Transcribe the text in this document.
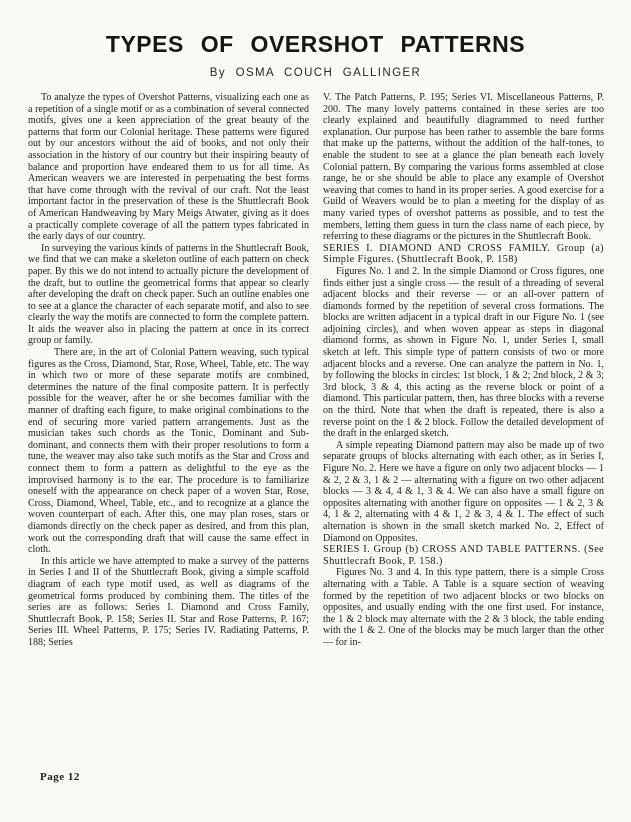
TYPES OF OVERSHOT PATTERNS
By OSMA COUCH GALLINGER

To analyze the types of Overshot Patterns, visualizing each one as a repetition of a single motif or as a combination of several connected motifs, gives one a keen appreciation of the great beauty of the patterns that form our Colonial heritage. These patterns were figured out by our ancestors without the aid of books, and not only their association in the history of our country but their inspiring beauty of balance and proportion have endeared them to us for all time. As American weavers we are interested in perpetuating the best forms that have come through with the revival of our craft. Not the least important factor in the preservation of these is the Shuttlecraft Book of American Handweaving by Mary Meigs Atwater, giving as it does a practically complete coverage of all the pattern types fabricated in the early days of our country.

In surveying the various kinds of patterns in the Shuttlecraft Book, we find that we can make a skeleton outline of each pattern on check paper. By this we do not intend to actually picture the development of the draft, but to outline the geometrical forms that appear so clearly after developing the draft on check paper. Such an outline enables one to see at a glance the character of each separate motif, and also to see clearly the way the motifs are connected to form the complete pattern. It aids the weaver also in placing the pattern at once in its correct group or family.

There are, in the art of Colonial Pattern weaving, such typical figures as the Cross, Diamond, Star, Rose, Wheel, Table, etc. The way in which two or more of these separate motifs are combined, determines the nature of the final composite pattern. It is perfectly possible for the weaver, after he or she becomes familiar with the manner of drafting each figure, to make original combinations to the end of securing more varied pattern arrangements. Just as the musician takes such chords as the Tonic, Dominant and Sub-dominant, and connects them with their proper resolutions to form a tune, the weaver may also take such motifs as the Star and Cross and connect them to form a pattern as delightful to the eye as the improvised harmony is to the ear. The procedure is to familiarize oneself with the appearance on check paper of a woven Star, Rose, Cross, Diamond, Wheel, Table, etc., and to recognize at a glance the woven counterpart of each. After this, one may plan roses, stars or diamonds directly on the check paper as desired, and from this plan, work out the corresponding draft that will cause the same effect in cloth.

In this article we have attempted to make a survey of the patterns in Series I and II of the Shuttlecraft Book, giving a simple scaffold diagram of each type motif used, as well as diagrams of the geometrical forms produced by combining them. The titles of the series are as follows: Series I. Diamond and Cross Family, Shuttlecraft Book, P. 158; Series II. Star and Rose Patterns, P. 167; Series III. Wheel Patterns, P. 175; Series IV. Radiating Patterns, P. 188; Series

V. The Patch Patterns, P. 195; Series VI. Miscellaneous Patterns, P. 200. The many lovely patterns contained in these series are too clearly explained and beautifully diagrammed to need further explanation. Our purpose has been rather to assemble the bare forms that make up the patterns, without the addition of the half-tones, to enable the student to see at a glance the plan beneath each lovely Colonial pattern. By comparing the various forms assembled at close range, he or she should be able to place any example of Overshot weaving that comes to hand in its proper series. A good exercise for a Guild of Weavers would be to plan a meeting for the display of as many varied types of overshot patterns as possible, and to test the members, letting them guess in turn the class name of each piece, by referring to these diagrams or the pictures in the Shuttlecraft Book.

SERIES I. DIAMOND AND CROSS FAMILY. Group (a) Simple Figures. (Shuttlecraft Book, P. 158)

Figures No. 1 and 2. In the simple Diamond or Cross figures, one finds either just a single cross — the result of a threading of several adjacent blocks and their reverse — or an all-over pattern of diamonds formed by the repetition of several cross formations. The blocks are written adjacent in a typical draft in our Figure No. 1 (see adjoining circles), and when woven appear as steps in diagonal diamond forms, as shown in Figure No. 1, under Series I, small sketch at left. This simple type of pattern consists of two or more adjacent blocks and a reverse. One can analyze the pattern in No. 1, by following the blocks in circles: 1st block, 1 & 2; 2nd block, 2 & 3; 3rd block, 3 & 4, this acting as the reverse block or point of a diamond. This particular pattern, then, has three blocks with a reverse on the third. Note that when the draft is repeated, there is also a reverse point on the 1 & 2 block. Follow the detailed development of the draft in the enlarged sketch.

A simple repeating Diamond pattern may also be made up of two separate groups of blocks alternating with each other, as in Series I, Figure No. 2. Here we have a figure on only two adjacent blocks — 1 & 2, 2 & 3, 1 & 2 — alternating with a figure on two other adjacent blocks — 3 & 4, 4 & 1, 3 & 4. We can also have a small figure on opposites alternating with another figure on opposites — 1 & 2, 3 & 4, 1 & 2, alternating with 4 & 1, 2 & 3, 4 & 1. The effect of such alternation is shown in the small sketch marked No. 2, Effect of Diamond on Opposites.

SERIES I. Group (b) CROSS AND TABLE PATTERNS. (See Shuttlecraft Book, P. 158.)

Figures No. 3 and 4. In this type pattern, there is a simple Cross alternating with a Table. A Table is a square section of weaving formed by the repetition of two adjacent blocks or two blocks on opposites, and usually ending with the one first used. For instance, the 1 & 2 block may alternate with the 2 & 3 block, the table ending with the 1 & 2. One of the blocks may be much larger than the other — for in-

Page 12
